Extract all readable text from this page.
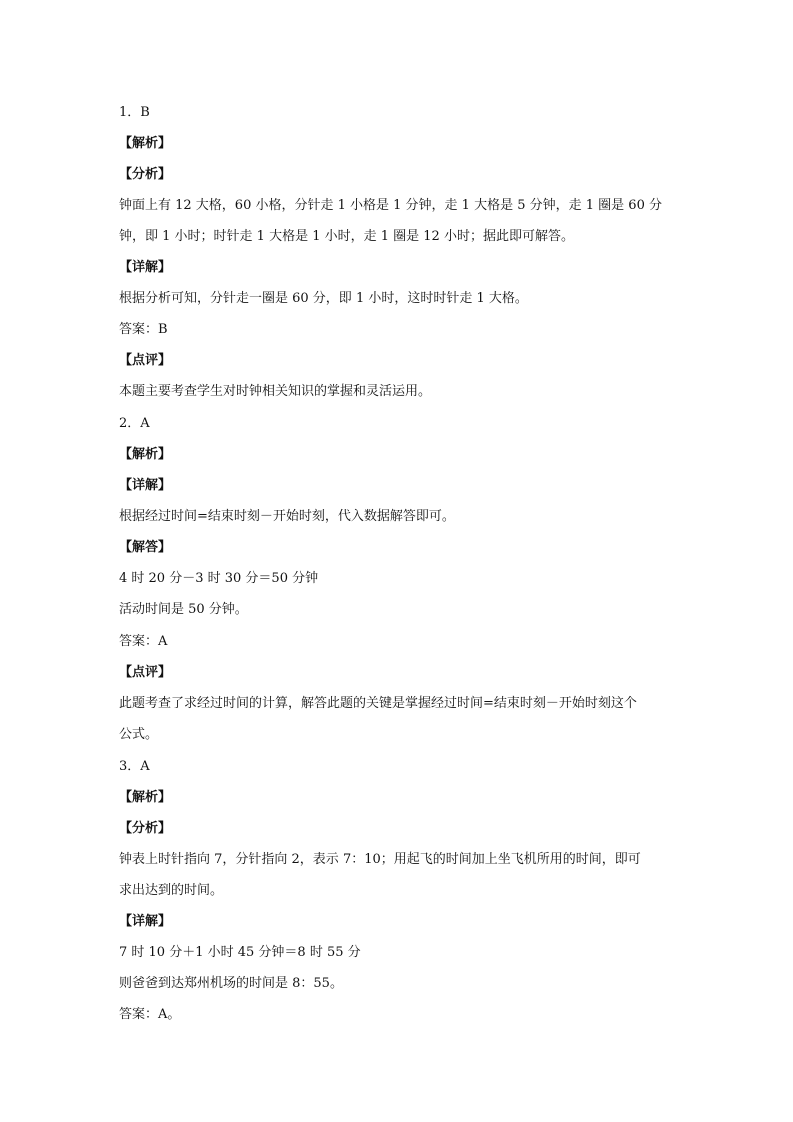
1．B
【解析】
【分析】
钟面上有 12 大格，60 小格，分针走 1 小格是 1 分钟，走 1 大格是 5 分钟，走 1 圈是 60 分
钟，即 1 小时；时针走 1 大格是 1 小时，走 1 圈是 12 小时；据此即可解答。
【详解】
根据分析可知，分针走一圈是 60 分，即 1 小时，这时时针走 1 大格。
答案：B
【点评】
本题主要考查学生对时钟相关知识的掌握和灵活运用。
2．A
【解析】
【详解】
根据经过时间=结束时刻－开始时刻，代入数据解答即可。
【解答】
4 时 20 分－3 时 30 分＝50 分钟
活动时间是 50 分钟。
答案：A
【点评】
此题考查了求经过时间的计算，解答此题的关键是掌握经过时间=结束时刻－开始时刻这个
公式。
3．A
【解析】
【分析】
钟表上时针指向 7，分针指向 2，表示 7：10；用起飞的时间加上坐飞机所用的时间，即可
求出达到的时间。
【详解】
7 时 10 分＋1 小时 45 分钟＝8 时 55 分
则爸爸到达郑州机场的时间是 8：55。
答案：A。
